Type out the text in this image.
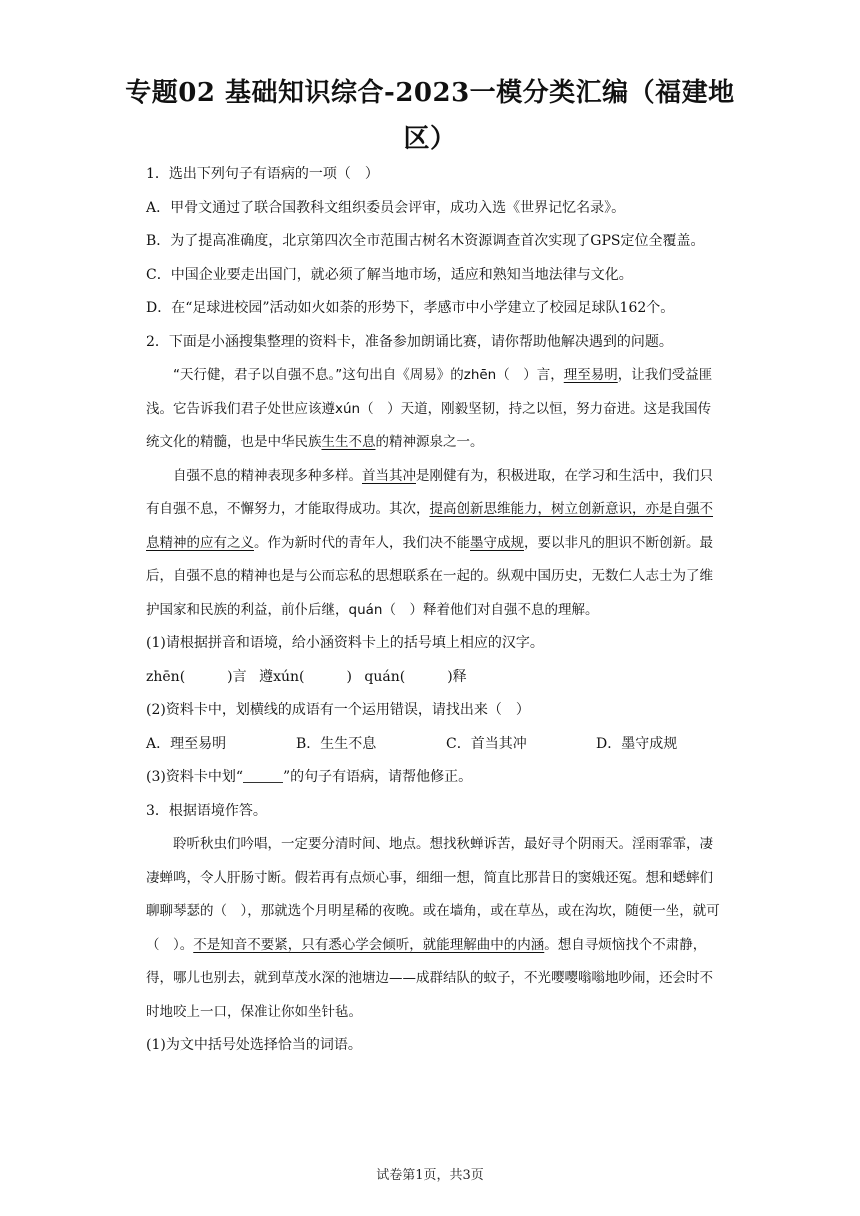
专题02 基础知识综合-2023一模分类汇编（福建地区）
1．选出下列句子有语病的一项（　）
A．甲骨文通过了联合国教科文组织委员会评审，成功入选《世界记忆名录》。
B．为了提高准确度，北京第四次全市范围古树名木资源调查首次实现了GPS定位全覆盖。
C．中国企业要走出国门，就必须了解当地市场，适应和熟知当地法律与文化。
D．在“足球进校园”活动如火如荼的形势下，孝感市中小学建立了校园足球队162个。
2．下面是小涵搜集整理的资料卡，准备参加朗诵比赛，请你帮助他解决遇到的问题。
“天行健，君子以自强不息。”这句出自《周易》的zhēn（　）言，理至易明，让我们受益匪浅。它告诉我们君子处世应该遵xún（　）天道，刚毅坚韧，持之以恒，努力奋进。这是我国传统文化的精髓，也是中华民族生生不息的精神源泉之一。
自强不息的精神表现多种多样。首当其冲是刚健有为，积极进取，在学习和生活中，我们只有自强不息，不懈努力，才能取得成功。其次，提高创新思维能力，树立创新意识，亦是自强不息精神的应有之义。作为新时代的青年人，我们决不能墨守成规，要以非凡的胆识不断创新。最后，自强不息的精神也是与公而忘私的思想联系在一起的。纵观中国历史，无数仁人志士为了维护国家和民族的利益，前仆后继，quán（　）释着他们对自强不息的理解。
(1)请根据拼音和语境，给小涵资料卡上的括号填上相应的汉字。
zhēn(　　　)言 遵xún(　　　) quán(　　　)释
(2)资料卡中，划横线的成语有一个运用错误，请找出来（　）
A．理至易明	B．生生不息	C．首当其冲	D．墨守成规
(3)资料卡中划“	”的句子有语病，请帮他修正。
3．根据语境作答。
聆听秋虫们吟唱，一定要分清时间、地点。想找秋蝉诉苦，最好寻个阴雨天。淫雨霏霏，凄凄蝉鸣，令人肝肠寸断。假若再有点烦心事，细细一想，简直比那昔日的窦娥还冤。想和蟋蟀们聊聊琴瑟的（　），那就选个月明星稀的夜晚。或在墙角，或在草丛，或在沟坎，随便一坐，就可（　）。不是知音不要紧，只有悉心学会倾听，就能理解曲中的内涵。想自寻烦恼找个不肃静，得，哪儿也别去，就到草茂水深的池塘边——成群结队的蚊子，不光嘤嘤嗡嗡地吵闹，还会时不时地咬上一口，保准让你如坐针毡。
(1)为文中括号处选择恰当的词语。
试卷第1页，共3页
